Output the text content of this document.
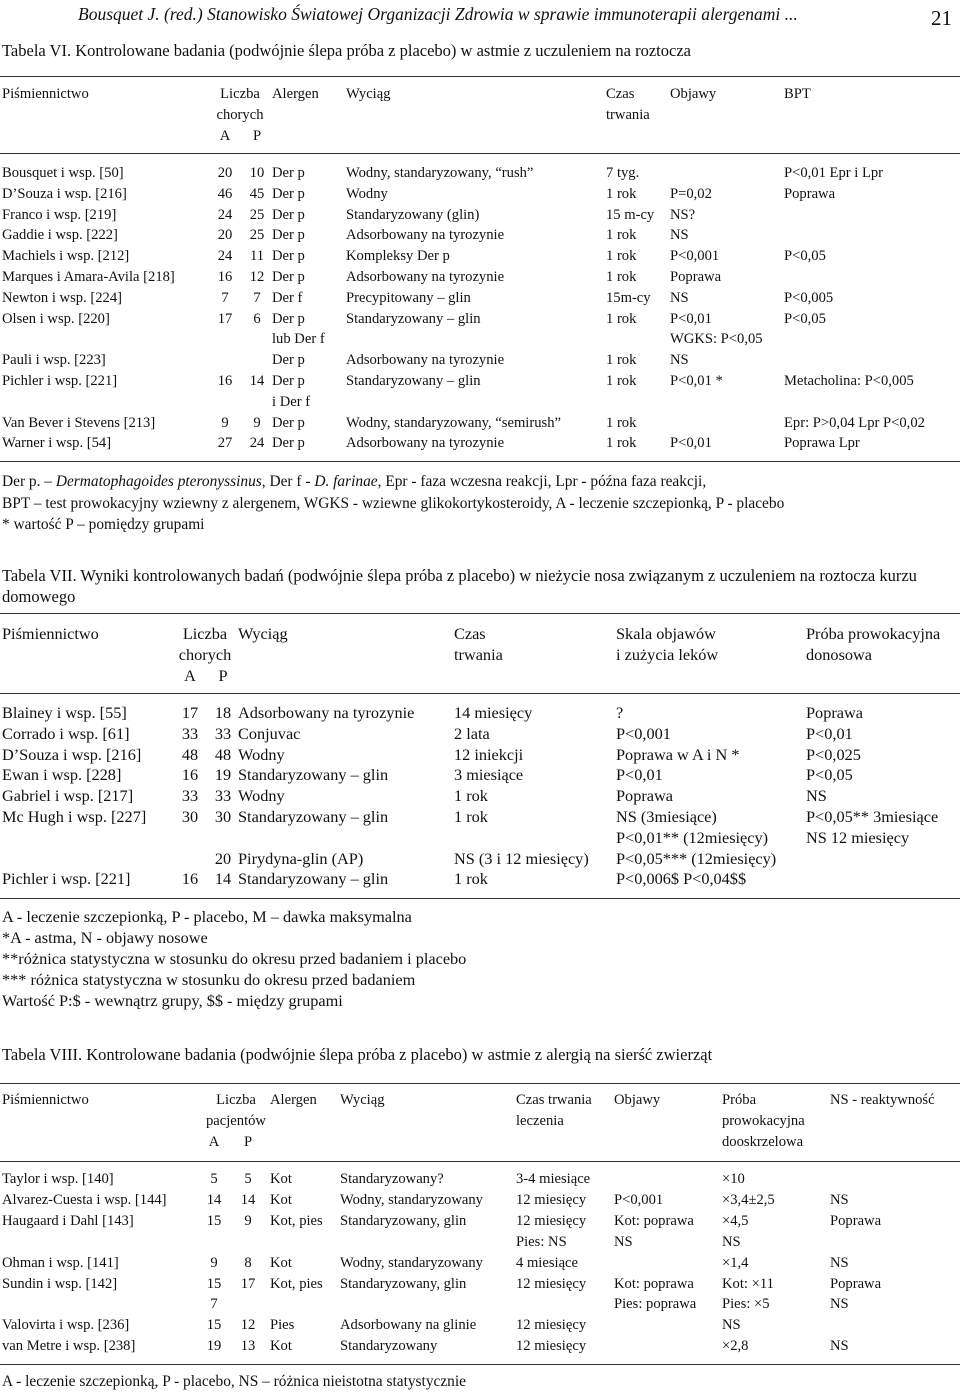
Bousquet J. (red.) Stanowisko Światowej Organizacji Zdrowia w sprawie immunoterapii alergenami ...	21
Tabela VI. Kontrolowane badania (podwójnie ślepa próba z placebo) w astmie z uczuleniem na roztocza
Piśmiennictwo	Liczba		Alergen	Wyciąg	Czas	Objawy	BPT
	chorych				trwania		
	A	P					
Bousquet i wsp. [50]	20	10	Der p	Wodny, standaryzowany, “rush”	7 tyg.		P<0,01 Epr i Lpr
D’Souza i wsp. [216]	46	45	Der p	Wodny	1 rok	P=0,02	Poprawa
Franco i wsp. [219]	24	25	Der p	Standaryzowany (glin)	15 m-cy	NS?	
Gaddie i wsp. [222]	20	25	Der p	Adsorbowany na tyrozynie	1 rok	NS	
Machiels i wsp. [212]	24	11	Der p	Kompleksy Der p	1 rok	P<0,001	P<0,05
Marques i Amara-Avila [218]	16	12	Der p	Adsorbowany na tyrozynie	1 rok	Poprawa	
Newton i wsp. [224]	7	7	Der f	Precypitowany – glin	15m-cy	NS	P<0,005
Olsen i wsp. [220]	17	6	Der p	Standaryzowany – glin	1 rok	P<0,01	P<0,05
			lub Der f			WGKS: P<0,05	
Pauli i wsp. [223]			Der p	Adsorbowany na tyrozynie	1 rok	NS	
Pichler i wsp. [221]	16	14	Der p	Standaryzowany – glin	1 rok	P<0,01 *	Metacholina: P<0,005
			i Der f				
Van Bever i Stevens [213]	9	9	Der p	Wodny, standaryzowany, “semirush”	1 rok		Epr: P>0,04 Lpr P<0,02
Warner i wsp. [54]	27	24	Der p	Adsorbowany na tyrozynie	1 rok	P<0,01	Poprawa Lpr
Der p. – Dermatophagoides pteronyssinus, Der f - D. farinae, Epr - faza wczesna reakcji, Lpr - późna faza reakcji,
BPT – test prowokacyjny wziewny z alergenem, WGKS - wziewne glikokortykosteroidy, A - leczenie szczepionką, P - placebo
* wartość P – pomiędzy grupami
Tabela VII. Wyniki kontrolowanych badań (podwójnie ślepa próba z placebo) w nieżycie nosa związanym z uczuleniem na roztocza kurzu domowego
Piśmiennictwo	Liczba		Wyciąg	Czas	Skala objawów	Próba prowokacyjna
	chorych			trwania	i zużycia leków	donosowa
	A	P				
Blainey i wsp. [55]	17	18	Adsorbowany na tyrozynie	14 miesięcy	?	Poprawa
Corrado i wsp. [61]	33	33	Conjuvac	2 lata	P<0,001	P<0,01
D’Souza i wsp. [216]	48	48	Wodny	12 iniekcji	Poprawa w A i N *	P<0,025
Ewan i wsp. [228]	16	19	Standaryzowany – glin	3 miesiące	P<0,01	P<0,05
Gabriel i wsp. [217]	33	33	Wodny	1 rok	Poprawa	NS
Mc Hugh i wsp. [227]	30	30	Standaryzowany – glin	1 rok	NS (3miesiące)	P<0,05** 3miesiące
					P<0,01** (12miesięcy)	NS 12 miesięcy
		20	Pirydyna-glin (AP)	NS (3 i 12 miesięcy)	P<0,05*** (12miesięcy)	
Pichler i wsp. [221]	16	14	Standaryzowany – glin	1 rok	P<0,006$ P<0,04$$	
A - leczenie szczepionką, P - placebo, M – dawka maksymalna
*A - astma, N - objawy nosowe
**różnica statystyczna w stosunku do okresu przed badaniem i placebo
*** różnica statystyczna w stosunku do okresu przed badaniem
Wartość P:$ - wewnątrz grupy, $$ - między grupami
Tabela VIII. Kontrolowane badania (podwójnie ślepa próba z placebo) w astmie z alergią na sierść zwierząt
Piśmiennictwo	Liczba		Alergen	Wyciąg	Czas trwania	Objawy	Próba	NS - reaktywność
	pacjentów				leczenia		prowokacyjna	
	A	P					dooskrzelowa	
Taylor i wsp. [140]	5	5	Kot	Standaryzowany?	3-4 miesiące		×10	
Alvarez-Cuesta i wsp. [144]	14	14	Kot	Wodny, standaryzowany	12 miesięcy	P<0,001	×3,4±2,5	NS
Haugaard i Dahl [143]	15	9	Kot, pies	Standaryzowany, glin	12 miesięcy	Kot: poprawa	×4,5	Poprawa
					Pies: NS	NS	NS	
Ohman i wsp. [141]	9	8	Kot	Wodny, standaryzowany	4 miesiące		×1,4	NS
Sundin i wsp. [142]	15	17	Kot, pies	Standaryzowany, glin	12 miesięcy	Kot: poprawa	Kot: ×11	Poprawa
	7					Pies: poprawa	Pies: ×5	NS
Valovirta i wsp. [236]	15	12	Pies	Adsorbowany na glinie	12 miesięcy		NS	
van Metre i wsp. [238]	19	13	Kot	Standaryzowany	12 miesięcy		×2,8	NS
A - leczenie szczepionką, P - placebo, NS – różnica nieistotna statystycznie
